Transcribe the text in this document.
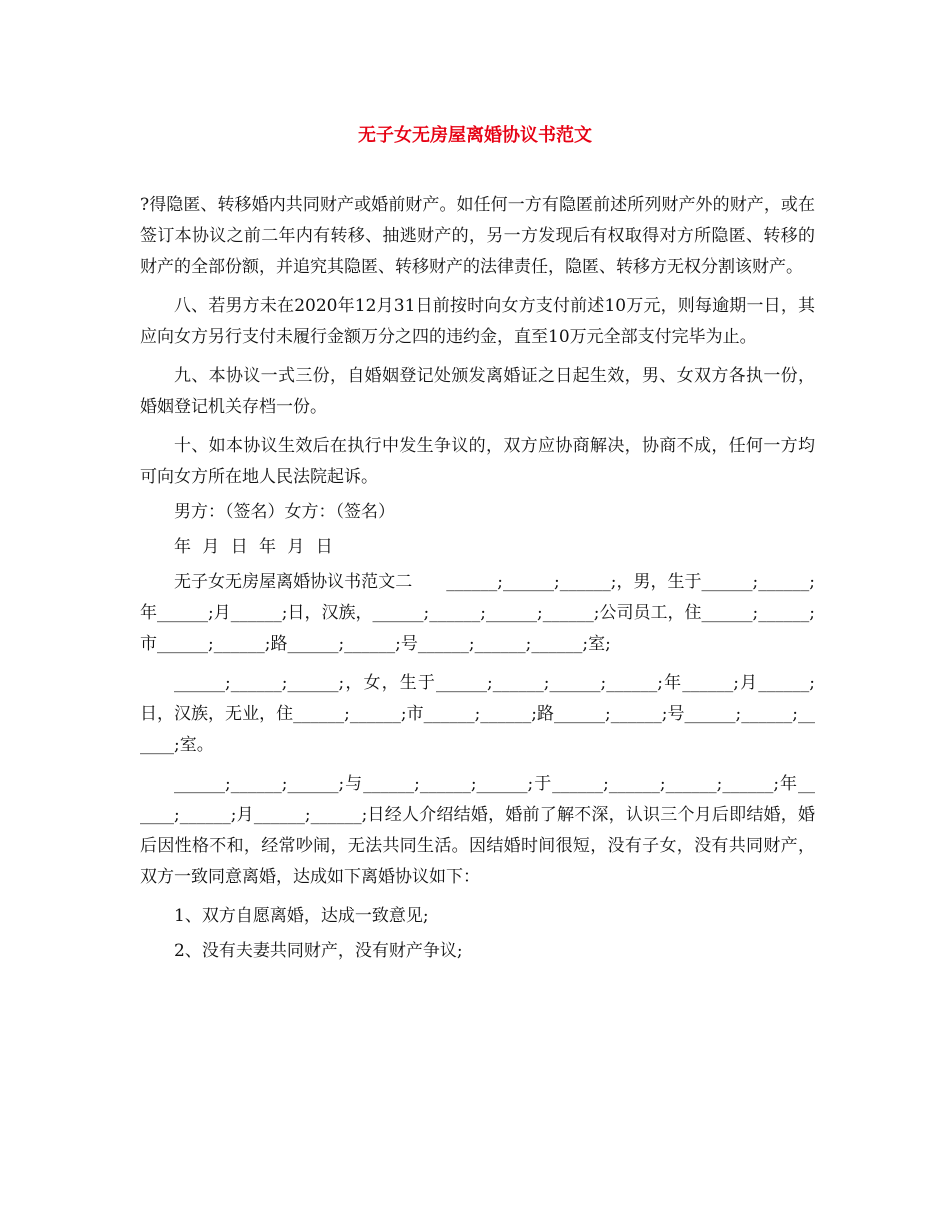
无子女无房屋离婚协议书范文

?得隐匿、转移婚内共同财产或婚前财产。如任何一方有隐匿前述所列财产外的财产，或在签订本协议之前二年内有转移、抽逃财产的，另一方发现后有权取得对方所隐匿、转移的财产的全部份额，并追究其隐匿、转移财产的法律责任，隐匿、转移方无权分割该财产。

八、若男方未在2020年12月31日前按时向女方支付前述10万元，则每逾期一日，其应向女方另行支付未履行金额万分之四的违约金，直至10万元全部支付完毕为止。

九、本协议一式三份，自婚姻登记处颁发离婚证之日起生效，男、女双方各执一份，婚姻登记机关存档一份。

十、如本协议生效后在执行中发生争议的，双方应协商解决，协商不成，任何一方均可向女方所在地人民法院起诉。

男方：（签名）女方：（签名）

年 月 日 年 月 日

无子女无房屋离婚协议书范文二　　______;______;______;，男，生于______;______;年______;月______;日，汉族，______;______;______;______;公司员工，住______;______;市______;______;路______;______;号______;______;______;室;

______;______;______;，女，生于______;______;______;______;年______;月______;日，汉族，无业，住______;______;市______;______;路______;______;号______;______;______;室。

______;______;______;与______;______;______;于______;______;______;______;年______;______;月______;______;日经人介绍结婚，婚前了解不深，认识三个月后即结婚，婚后因性格不和，经常吵闹，无法共同生活。因结婚时间很短，没有子女，没有共同财产，双方一致同意离婚，达成如下离婚协议如下：

1、双方自愿离婚，达成一致意见;

2、没有夫妻共同财产，没有财产争议;
